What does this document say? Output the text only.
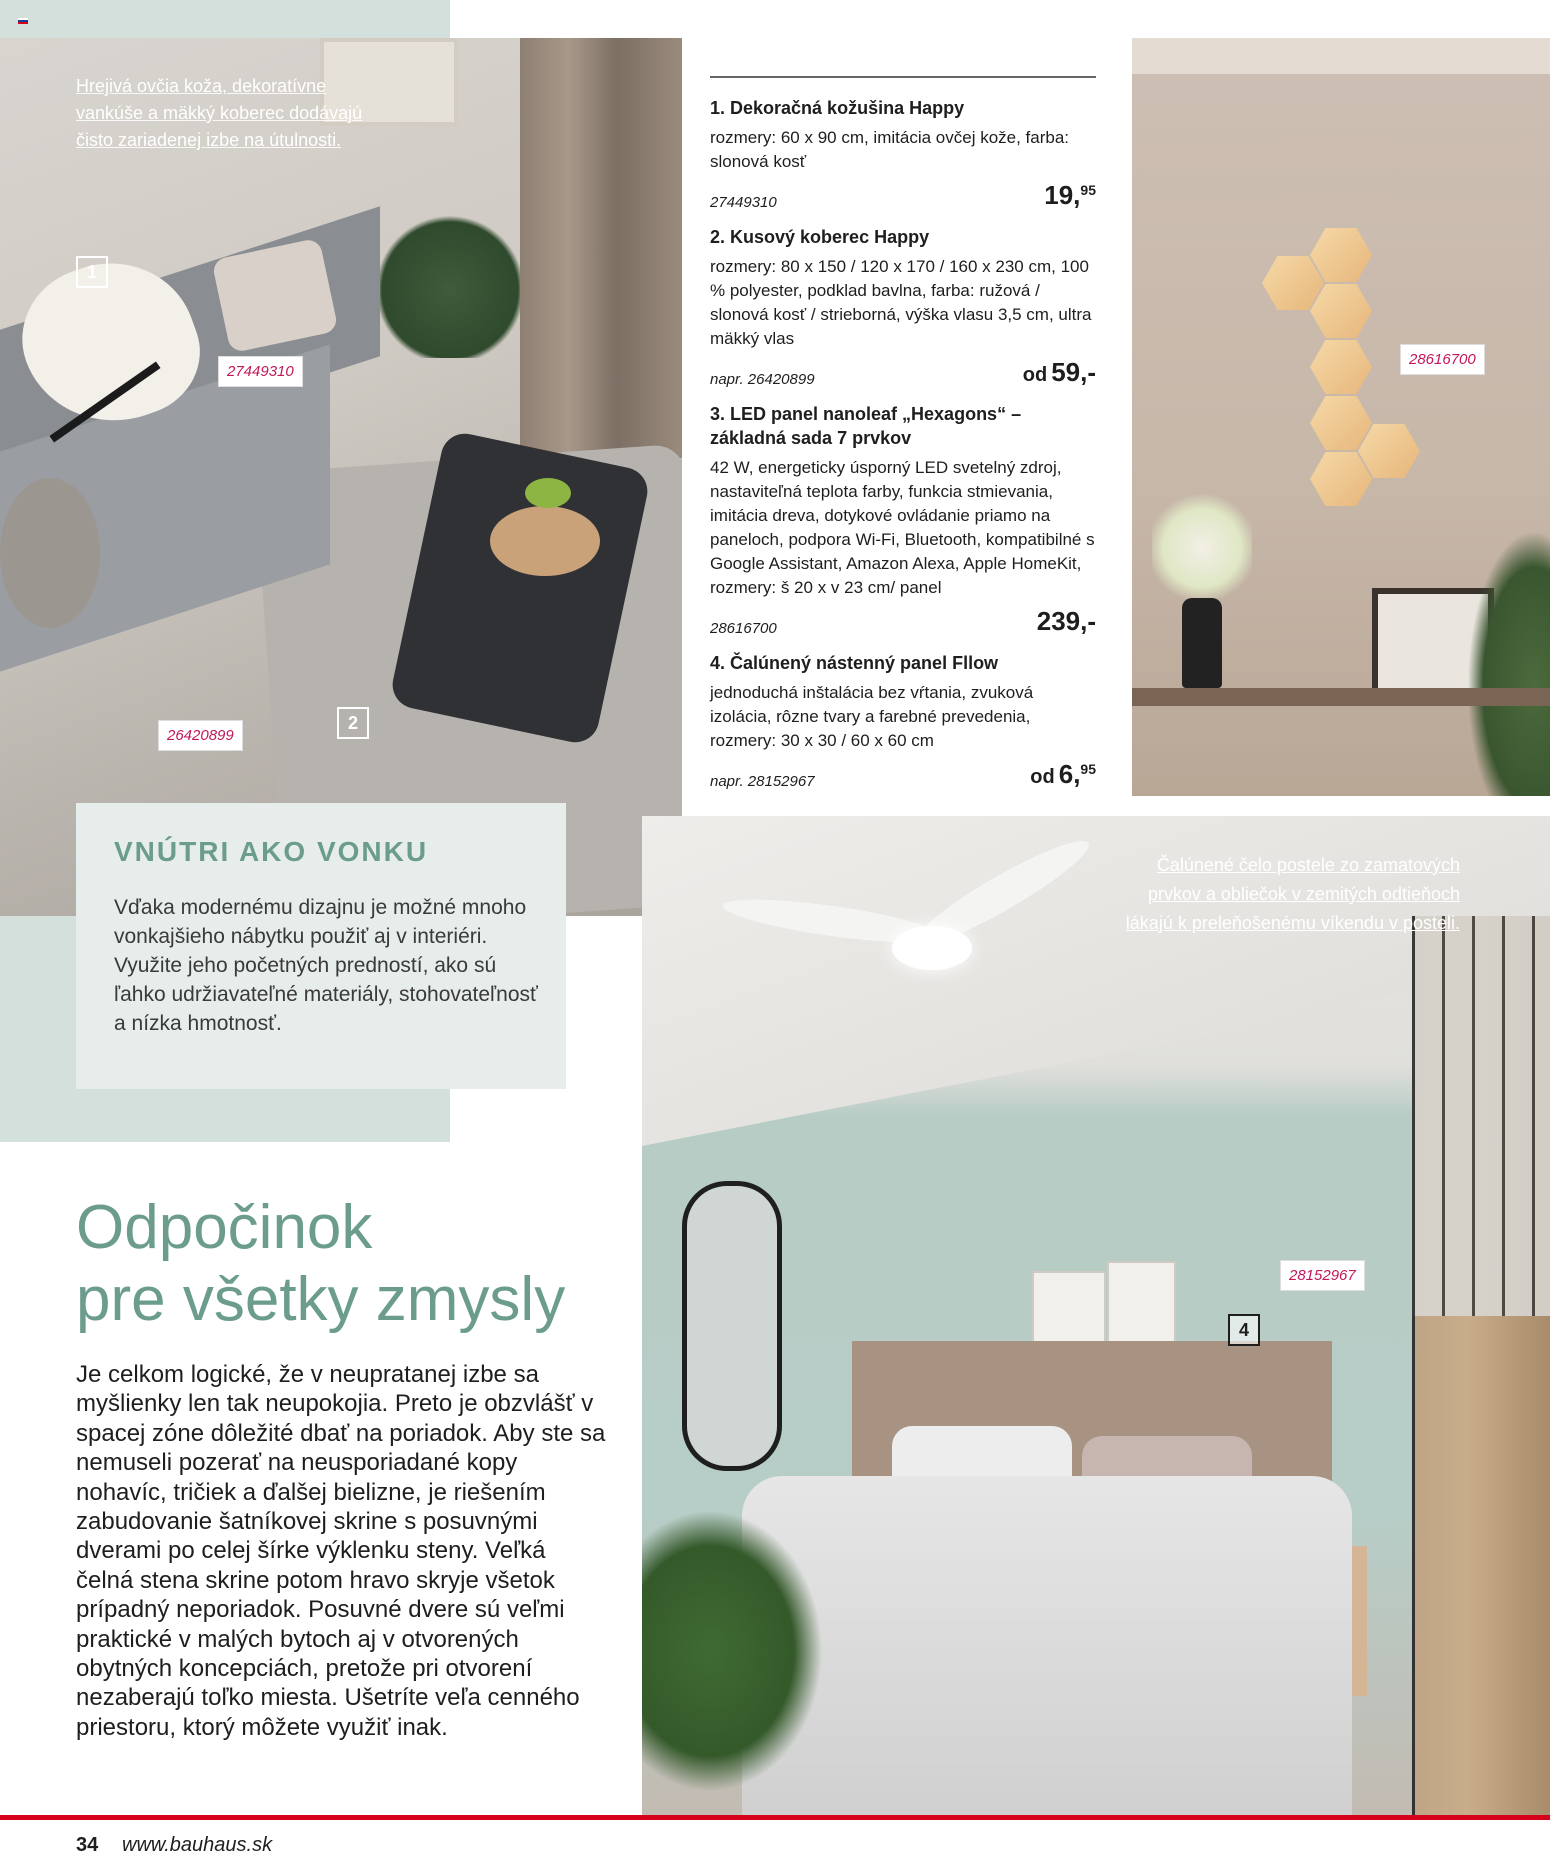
Hrejivá ovčia koža, dekoratívne vankúše a mäkký koberec dodávajú čisto zariadenej izbe na útulnosti.
1
2
27449310
26420899
VNÚTRI AKO VONKU
Vďaka modernému dizajnu je možné mnoho vonkajšieho nábytku použiť aj v interiéri. Využite jeho početných predností, ako sú ľahko udržiavateľné materiály, stohovateľnosť a nízka hmotnosť.
1. Dekoračná kožušina Happy
rozmery: 60 x 90 cm, imitácia ovčej kože, farba: slonová kosť
27449310	19,95
2. Kusový koberec Happy
rozmery: 80 x 150 / 120 x 170 / 160 x 230 cm, 100 % polyester, podklad bavlna, farba: ružová / slonová kosť / strieborná, výška vlasu 3,5 cm, ultra mäkký vlas
napr. 26420899	od 59,-
3. LED panel nanoleaf „Hexagons“ – základná sada 7 prvkov
42 W, energeticky úsporný LED svetelný zdroj, nastaviteľná teplota farby, funkcia stmievania, imitácia dreva, dotykové ovládanie priamo na paneloch, podpora Wi-Fi, Bluetooth, kompatibilné s Google Assistant, Amazon Alexa, Apple HomeKit, rozmery: š 20 x v 23 cm/ panel
28616700	239,-
4. Čalúnený nástenný panel Fllow
jednoduchá inštalácia bez vŕtania, zvuková izolácia, rôzne tvary a farebné prevedenia, rozmery: 30 x 30 / 60 x 60 cm
napr. 28152967	od 6,95
28616700
Čalúnené čelo postele zo zamatových prvkov a obliečok v zemitých odtieňoch lákajú k preleňošenému víkendu v posteli.
28152967
4
Odpočinok
pre všetky zmysly
Je celkom logické, že v neupratanej izbe sa myšlienky len tak neupokojia. Preto je obzvlášť v spacej zóne dôležité dbať na poriadok. Aby ste sa nemuseli pozerať na neusporiadané kopy nohavíc, tričiek a ďalšej bielizne, je riešením zabudovanie šatníkovej skrine s posuvnými dverami po celej šírke výklenku steny. Veľká čelná stena skrine potom hravo skryje všetok prípadný neporiadok. Posuvné dvere sú veľmi praktické v malých bytoch aj v otvorených obytných koncepciách, pretože pri otvorení nezaberajú toľko miesta. Ušetríte veľa cenného priestoru, ktorý môžete využiť inak.
34 www.bauhaus.sk
